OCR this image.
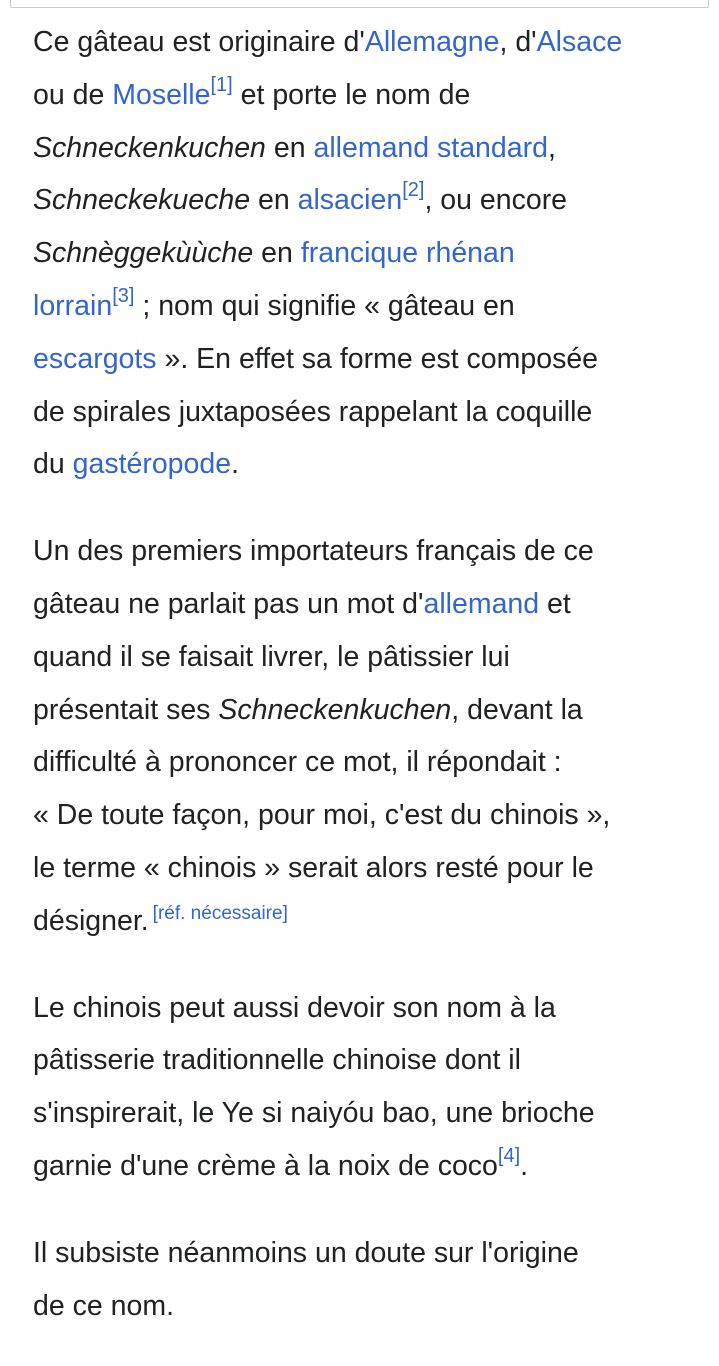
Ce gâteau est originaire d'Allemagne, d'Alsace
ou de Moselle[1] et porte le nom de
Schneckenkuchen en allemand standard,
Schneckekueche en alsacien[2], ou encore
Schnèggekùùche en francique rhénan
lorrain[3] ; nom qui signifie « gâteau en
escargots ». En effet sa forme est composée
de spirales juxtaposées rappelant la coquille
du gastéropode.

Un des premiers importateurs français de ce
gâteau ne parlait pas un mot d'allemand et
quand il se faisait livrer, le pâtissier lui
présentait ses Schneckenkuchen, devant la
difficulté à prononcer ce mot, il répondait :
« De toute façon, pour moi, c'est du chinois »,
le terme « chinois » serait alors resté pour le
désigner. [réf. nécessaire]

Le chinois peut aussi devoir son nom à la
pâtisserie traditionnelle chinoise dont il
s'inspirerait, le Ye si naiyóu bao, une brioche
garnie d'une crème à la noix de coco[4].

Il subsiste néanmoins un doute sur l'origine
de ce nom.
